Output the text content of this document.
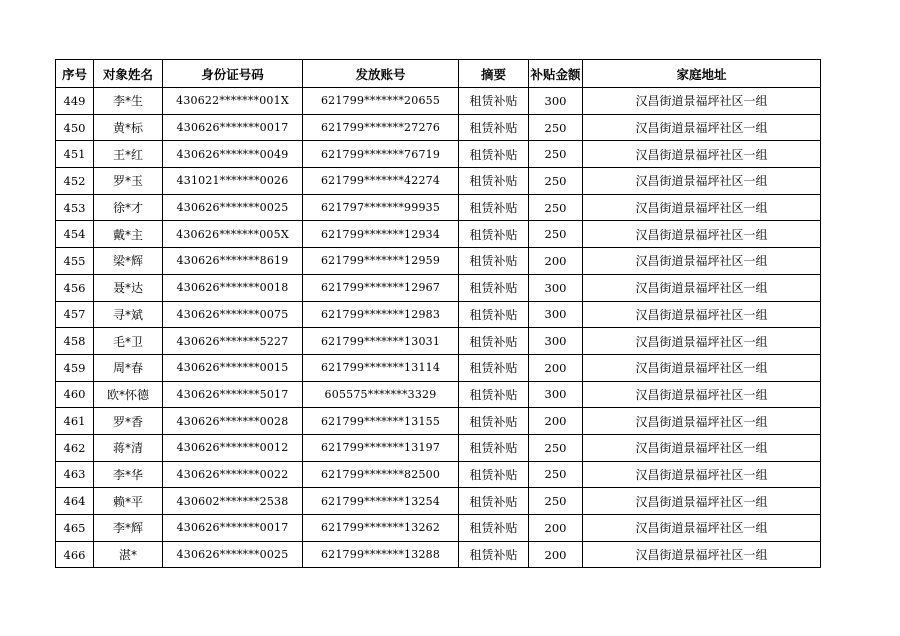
序号	对象姓名	身份证号码	发放账号	摘要	补贴金额	家庭地址
449	李*生	430622*******001X	621799*******20655	租赁补贴	300	汉昌街道景福坪社区一组
450	黄*标	430626*******0017	621799*******27276	租赁补贴	250	汉昌街道景福坪社区一组
451	王*红	430626*******0049	621799*******76719	租赁补贴	250	汉昌街道景福坪社区一组
452	罗*玉	431021*******0026	621799*******42274	租赁补贴	250	汉昌街道景福坪社区一组
453	徐*才	430626*******0025	621797*******99935	租赁补贴	250	汉昌街道景福坪社区一组
454	戴*主	430626*******005X	621799*******12934	租赁补贴	250	汉昌街道景福坪社区一组
455	梁*辉	430626*******8619	621799*******12959	租赁补贴	200	汉昌街道景福坪社区一组
456	聂*达	430626*******0018	621799*******12967	租赁补贴	300	汉昌街道景福坪社区一组
457	寻*斌	430626*******0075	621799*******12983	租赁补贴	300	汉昌街道景福坪社区一组
458	毛*卫	430626*******5227	621799*******13031	租赁补贴	300	汉昌街道景福坪社区一组
459	周*春	430626*******0015	621799*******13114	租赁补贴	200	汉昌街道景福坪社区一组
460	欧*怀德	430626*******5017	605575*******3329	租赁补贴	300	汉昌街道景福坪社区一组
461	罗*香	430626*******0028	621799*******13155	租赁补贴	200	汉昌街道景福坪社区一组
462	蒋*清	430626*******0012	621799*******13197	租赁补贴	250	汉昌街道景福坪社区一组
463	李*华	430626*******0022	621799*******82500	租赁补贴	250	汉昌街道景福坪社区一组
464	赖*平	430602*******2538	621799*******13254	租赁补贴	250	汉昌街道景福坪社区一组
465	李*辉	430626*******0017	621799*******13262	租赁补贴	200	汉昌街道景福坪社区一组
466	湛*	430626*******0025	621799*******13288	租赁补贴	200	汉昌街道景福坪社区一组
